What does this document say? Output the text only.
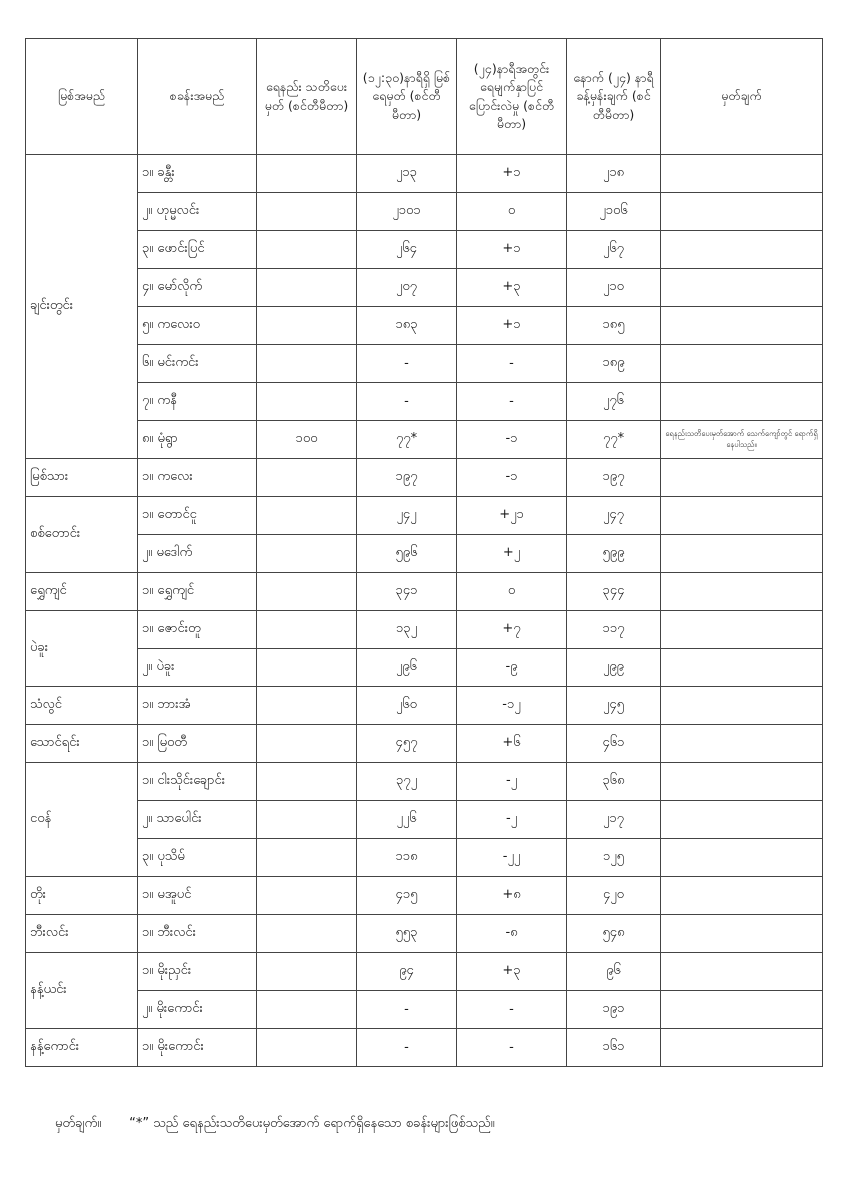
မြစ်အမည်	စခန်းအမည်	ရေနည်း သတိပေးမှတ် (စင်တီမီတာ)	(၁၂:၃၀)နာရီရှိ မြစ်ရေမှတ် (စင်တီမီတာ)	(၂၄)နာရီအတွင်း ရေမျက်နှာပြင် ပြောင်းလဲမှု (စင်တီမီတာ)	နောက် (၂၄) နာရီ ခန့်မှန်းချက် (စင်တီမီတာ)	မှတ်ချက်
ချင်းတွင်း	၁။ ခန္တီး		၂၁၃	+၁	၂၁၈	
	၂။ ဟုမ္မလင်း		၂၁၀၁	၀	၂၁၀၆	
	၃။ ဖောင်းပြင်		၂၆၄	+၁	၂၆၇	
	၄။ မော်လိုက်		၂၀၇	+၃	၂၁၀	
	၅။ ကလေးဝ		၁၈၃	+၁	၁၈၅	
	၆။ မင်းကင်း		-	-	၁၈၉	
	၇။ ကနီ		-	-	၂၇၆	
	၈။ မုံရွာ	၁၀၀	၇၇*	-၁	၇၇*	ရေနည်းသတိပေးမှတ်အောက် သေက်ကျော်တွင် ရောက်ရှိနေပါသည်။
မြစ်သား	၁။ ကလေး		၁၉၇	-၁	၁၉၇	
စစ်တောင်း	၁။ တောင်ငူ		၂၄၂	+၂၁	၂၄၇	
	၂။ မဒေါက်		၅၉၆	+၂	၅၉၉	
ရွှေကျင်	၁။ ရွှေကျင်		၃၄၁	၀	၃၄၄	
ပဲခူး	၁။ ဇောင်းတူ		၁၃၂	+၇	၁၁၇	
	၂။ ပဲခူး		၂၉၆	-၉	၂၉၉	
သံလွင်	၁။ ဘားအံ		၂၆၀	-၁၂	၂၄၅	
သောင်ရင်း	၁။ မြဝတီ		၄၅၇	+၆	၄၆၁	
ငဝန်	၁။ ငါးသိုင်းချောင်း		၃၇၂	-၂	၃၆၈	
	၂။ သာပေါင်း		၂၂၆	-၂	၂၁၇	
	၃။ ပုသိမ်		၁၁၈	-၂၂	၁၂၅	
တိုး	၁။ မအူပင်		၄၁၅	+၈	၄၂၀	
ဘီးလင်း	၁။ ဘီးလင်း		၅၅၃	-၈	၅၄၈	
နန့်ယင်း	၁။ မိုးညှင်း		၉၄	+၃	၉၆	
	၂။ မိုးကောင်း		-	-	၁၉၁	
နန့်ကောင်း	၁။ မိုးကောင်း		-	-	၁၆၁	
မှတ်ချက်။ “*” သည် ရေနည်းသတိပေးမှတ်အောက် ရောက်ရှိနေသော စခန်းများဖြစ်သည်။
